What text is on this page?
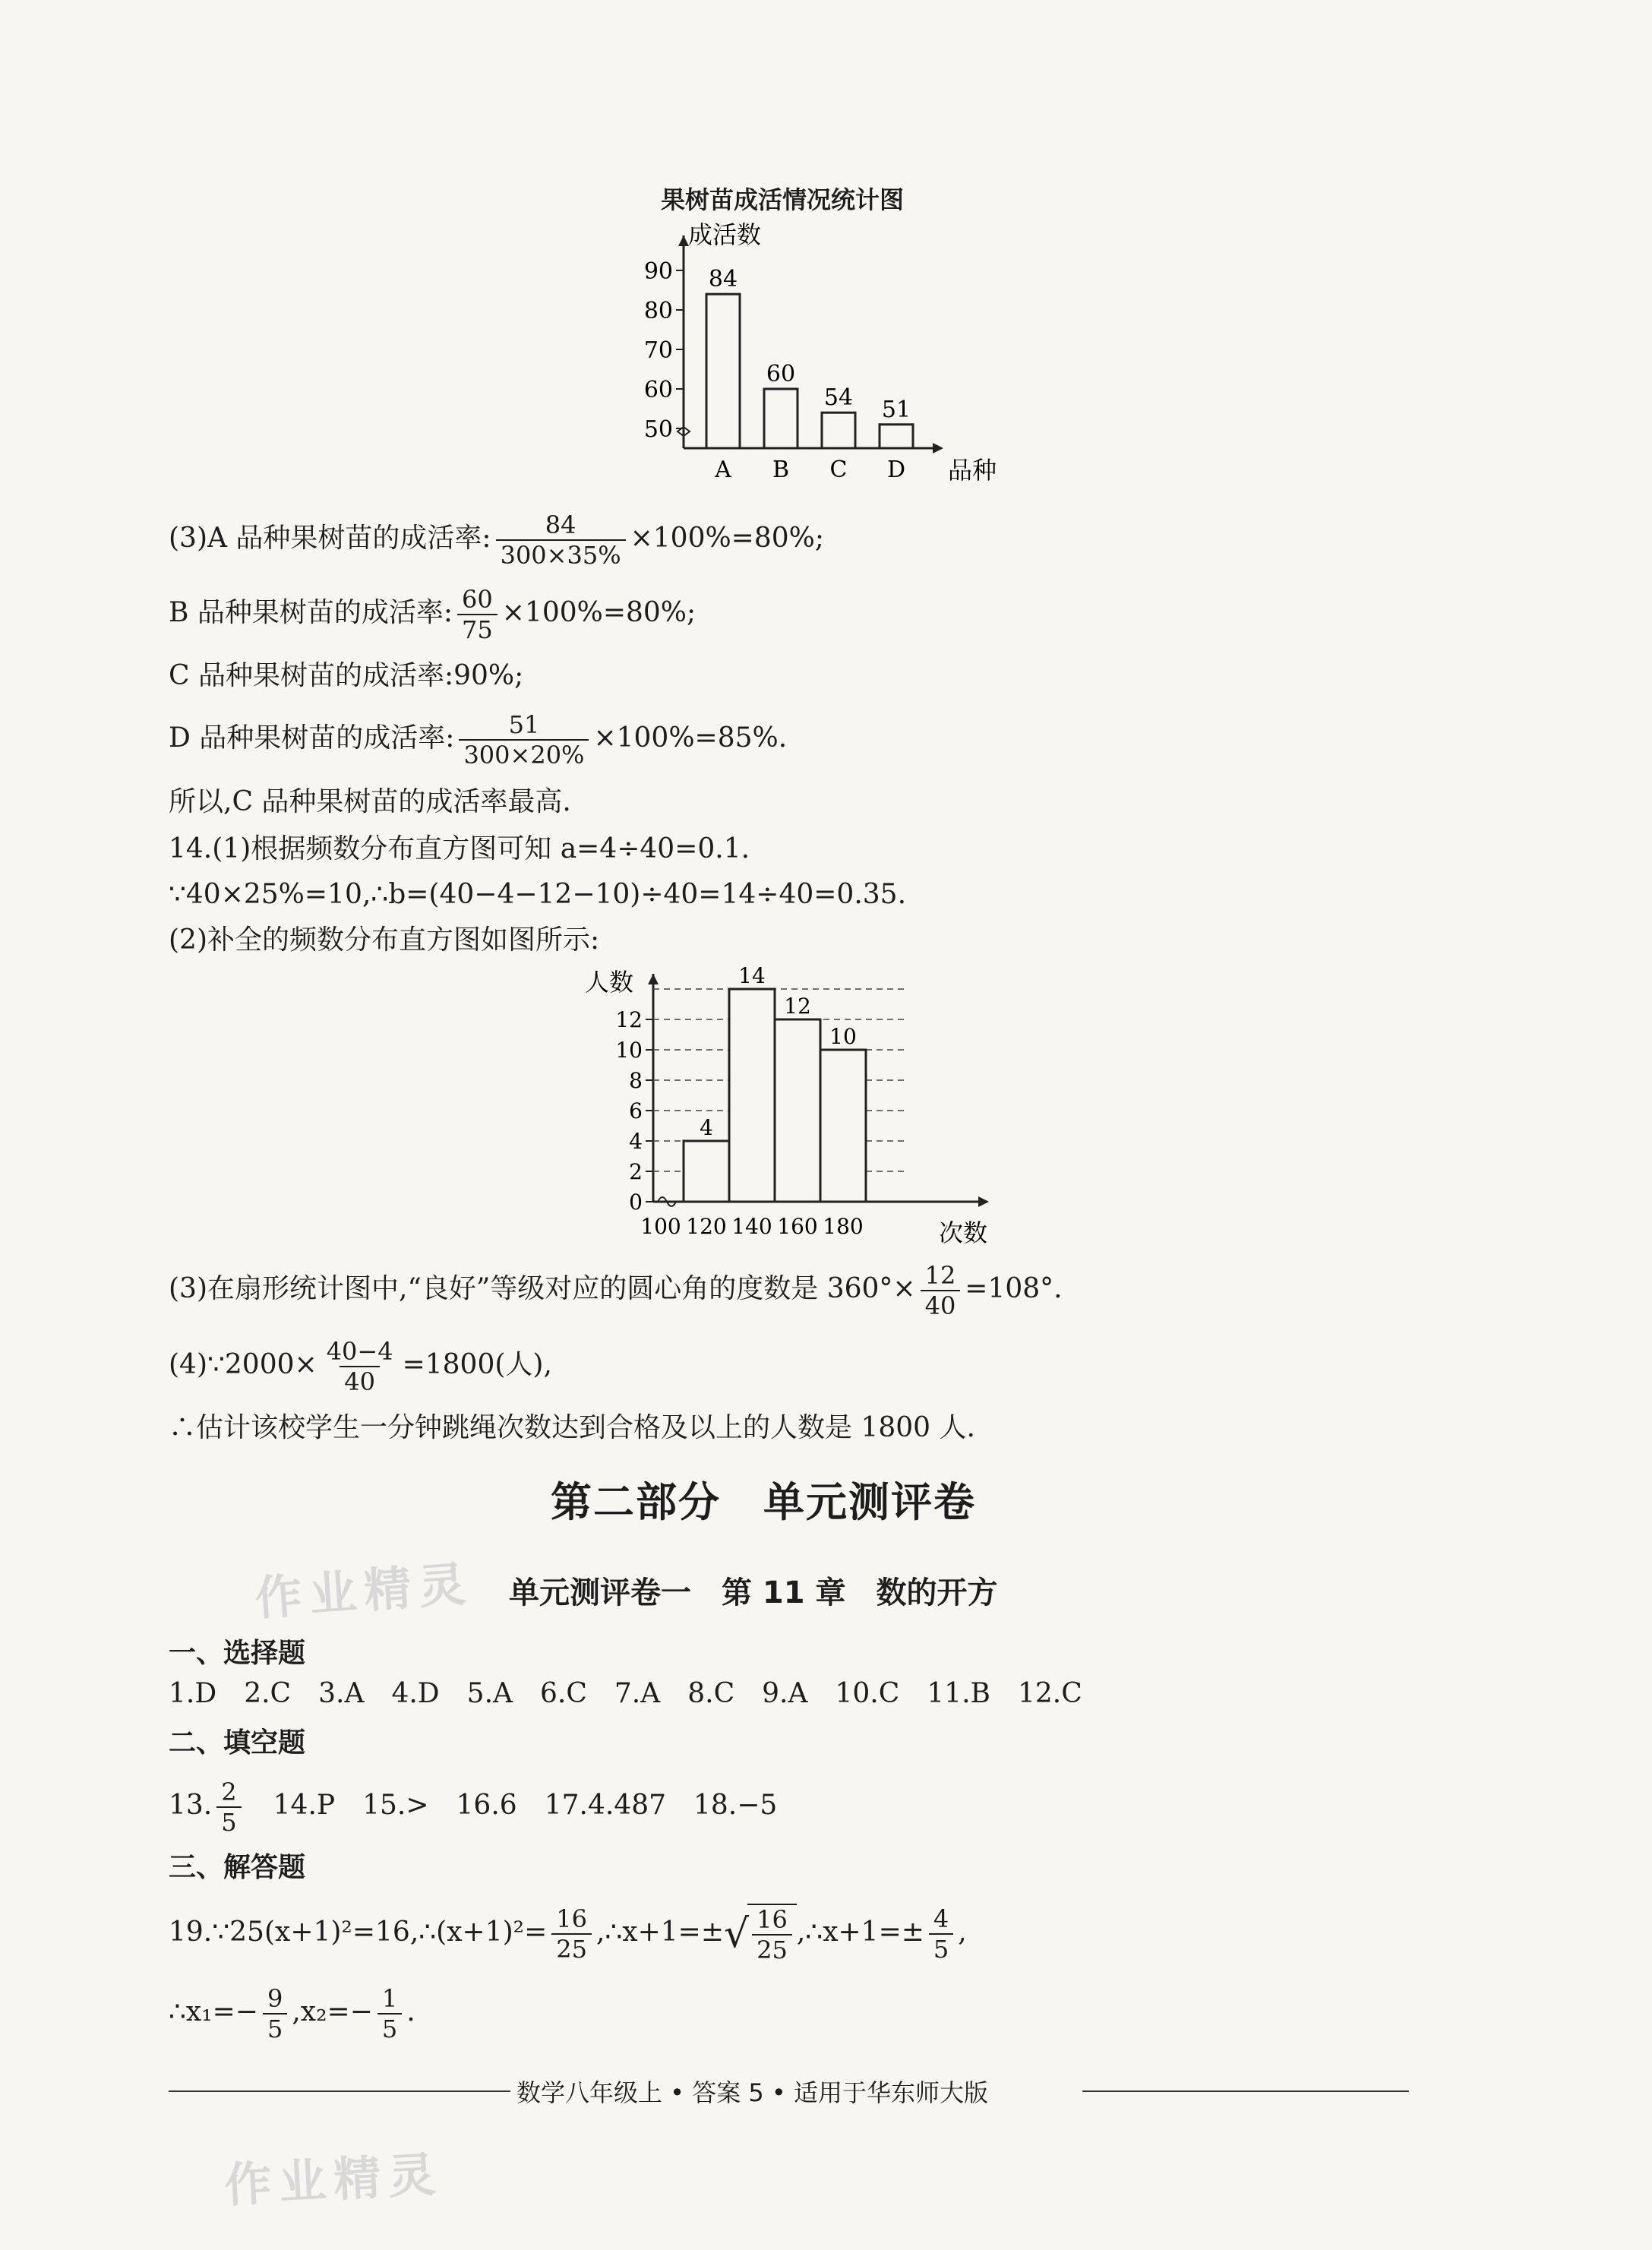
果树苗成活情况统计图
成活数
品种
90
80
70
60
50
84
A
60
B
54
C
51
D
(3)A 品种果树苗的成活率: $\frac{84}{300\times 35\%} \times 100\%=80\%$;
B 品种果树苗的成活率: $\frac{60}{75} \times 100\%=80\%$;
C 品种果树苗的成活率:90%;
D 品种果树苗的成活率: $\frac{51}{300\times 20\%} \times 100\%=85\%$.
所以,C 品种果树苗的成活率最高.
14.(1)根据频数分布直方图可知 a=4÷40=0.1.
∵40×25%=10,∴b=(40−4−12−10)÷40=14÷40=0.35.
(2)补全的频数分布直方图如图所示:
人数
次数
0
2
4
6
8
10
12
4
14
12
10
100 120 140 160 180
(3)在扇形统计图中,“良好”等级对应的圆心角的度数是 $360^\circ\times \frac{12}{40} =108^\circ$.
(4)∵2000× $\frac{40-4}{40} =1800$(人),
∴估计该校学生一分钟跳绳次数达到合格及以上的人数是 1800 人.
第二部分　单元测评卷
作业精灵 单元测评卷一　第 11 章　数的开方
一、选择题
1.D　2.C　3.A　4.D　5.A　6.C　7.A　8.C　9.A　10.C　11.B　12.C
二、填空题
13. $\frac{2}{5}$
　 14.P　15.>　16.6　17.4.487　18.−5
三、解答题
19.∵25(x+1)²=16,∴(x+1)²= $\frac{16}{25}$ ,∴x+1=± √ $\frac{16}{25}$ ,∴x+1=± $\frac{4}{5}$ ,
∴x₁=− $\frac{9}{5} ,x_2=- \frac{1}{5}$ .
数学八年级上 • 答案 5 • 适用于华东师大版
作业精灵
